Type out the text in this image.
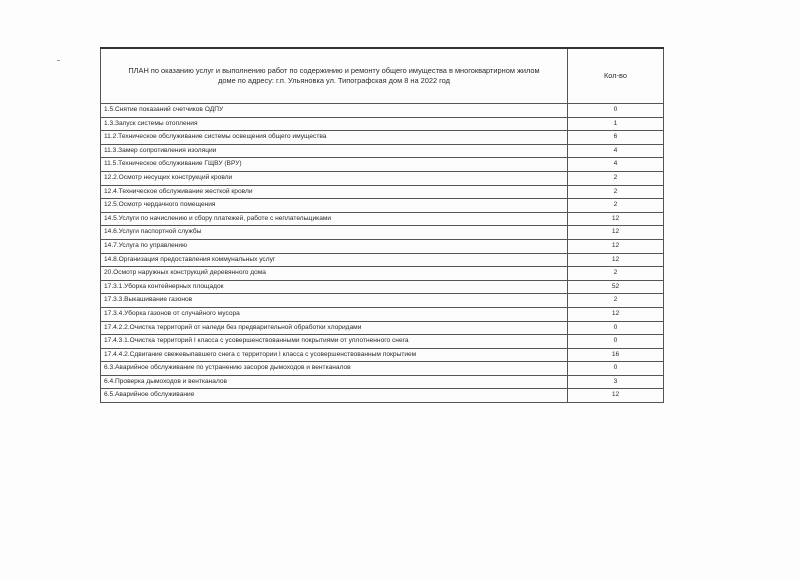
ПЛАН по оказанию услуг и выполнению работ по содержинию и ремонту общего имущества в многоквартирном жилом доме по адресу: г.п. Ульяновка ул. Типографская дом 8 на 2022 год	Кол-во
1.5.Снятие показаний счетчиков ОДПУ	0
1.3.Запуск системы отопления	1
11.2.Техническое обслуживание системы освещения общего имущества	6
11.3.Замер сопротивления изоляции	4
11.5.Техническое обслуживание ГЩВУ (ВРУ)	4
12.2.Осмотр несущих конструкций кровли	2
12.4.Техническое обслуживание жесткой кровли	2
12.5.Осмотр чердачного помещения	2
14.5.Услуги по начислению и сбору платежей, работе с неплательщиками	12
14.6.Услуги паспортной службы	12
14.7.Услуга по управлению	12
14.8.Организация предоставления коммунальных услуг	12
20.Осмотр наружных конструкций деревянного дома	2
17.3.1.Уборка контейнерных площадок	52
17.3.3.Выкашивание газонов	2
17.3.4.Уборка газонов от случайного мусора	12
17.4.2.2.Очистка территорий от наледи без предварительной обработки хлоридами	0
17.4.3.1.Очистка территорий I класса с усовершенствованными покрытиями от уплотненного снега	0
17.4.4.2.Сдвигание свежевыпавшего снега с территории I класса с усовершенствованным покрытием	16
6.3.Аварийное обслуживание по устранению засоров дымоходов и вентканалов	0
6.4.Проверка дымоходов и вентканалов	3
6.5.Аварийное обслуживание	12
